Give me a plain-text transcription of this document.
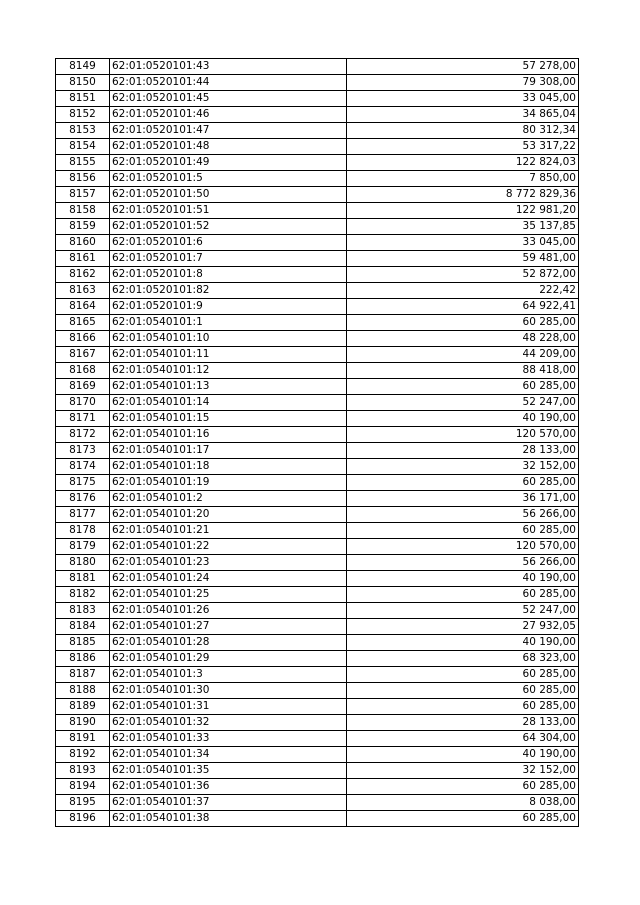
8149	62:01:0520101:43	57 278,00
8150	62:01:0520101:44	79 308,00
8151	62:01:0520101:45	33 045,00
8152	62:01:0520101:46	34 865,04
8153	62:01:0520101:47	80 312,34
8154	62:01:0520101:48	53 317,22
8155	62:01:0520101:49	122 824,03
8156	62:01:0520101:5	7 850,00
8157	62:01:0520101:50	8 772 829,36
8158	62:01:0520101:51	122 981,20
8159	62:01:0520101:52	35 137,85
8160	62:01:0520101:6	33 045,00
8161	62:01:0520101:7	59 481,00
8162	62:01:0520101:8	52 872,00
8163	62:01:0520101:82	222,42
8164	62:01:0520101:9	64 922,41
8165	62:01:0540101:1	60 285,00
8166	62:01:0540101:10	48 228,00
8167	62:01:0540101:11	44 209,00
8168	62:01:0540101:12	88 418,00
8169	62:01:0540101:13	60 285,00
8170	62:01:0540101:14	52 247,00
8171	62:01:0540101:15	40 190,00
8172	62:01:0540101:16	120 570,00
8173	62:01:0540101:17	28 133,00
8174	62:01:0540101:18	32 152,00
8175	62:01:0540101:19	60 285,00
8176	62:01:0540101:2	36 171,00
8177	62:01:0540101:20	56 266,00
8178	62:01:0540101:21	60 285,00
8179	62:01:0540101:22	120 570,00
8180	62:01:0540101:23	56 266,00
8181	62:01:0540101:24	40 190,00
8182	62:01:0540101:25	60 285,00
8183	62:01:0540101:26	52 247,00
8184	62:01:0540101:27	27 932,05
8185	62:01:0540101:28	40 190,00
8186	62:01:0540101:29	68 323,00
8187	62:01:0540101:3	60 285,00
8188	62:01:0540101:30	60 285,00
8189	62:01:0540101:31	60 285,00
8190	62:01:0540101:32	28 133,00
8191	62:01:0540101:33	64 304,00
8192	62:01:0540101:34	40 190,00
8193	62:01:0540101:35	32 152,00
8194	62:01:0540101:36	60 285,00
8195	62:01:0540101:37	8 038,00
8196	62:01:0540101:38	60 285,00
